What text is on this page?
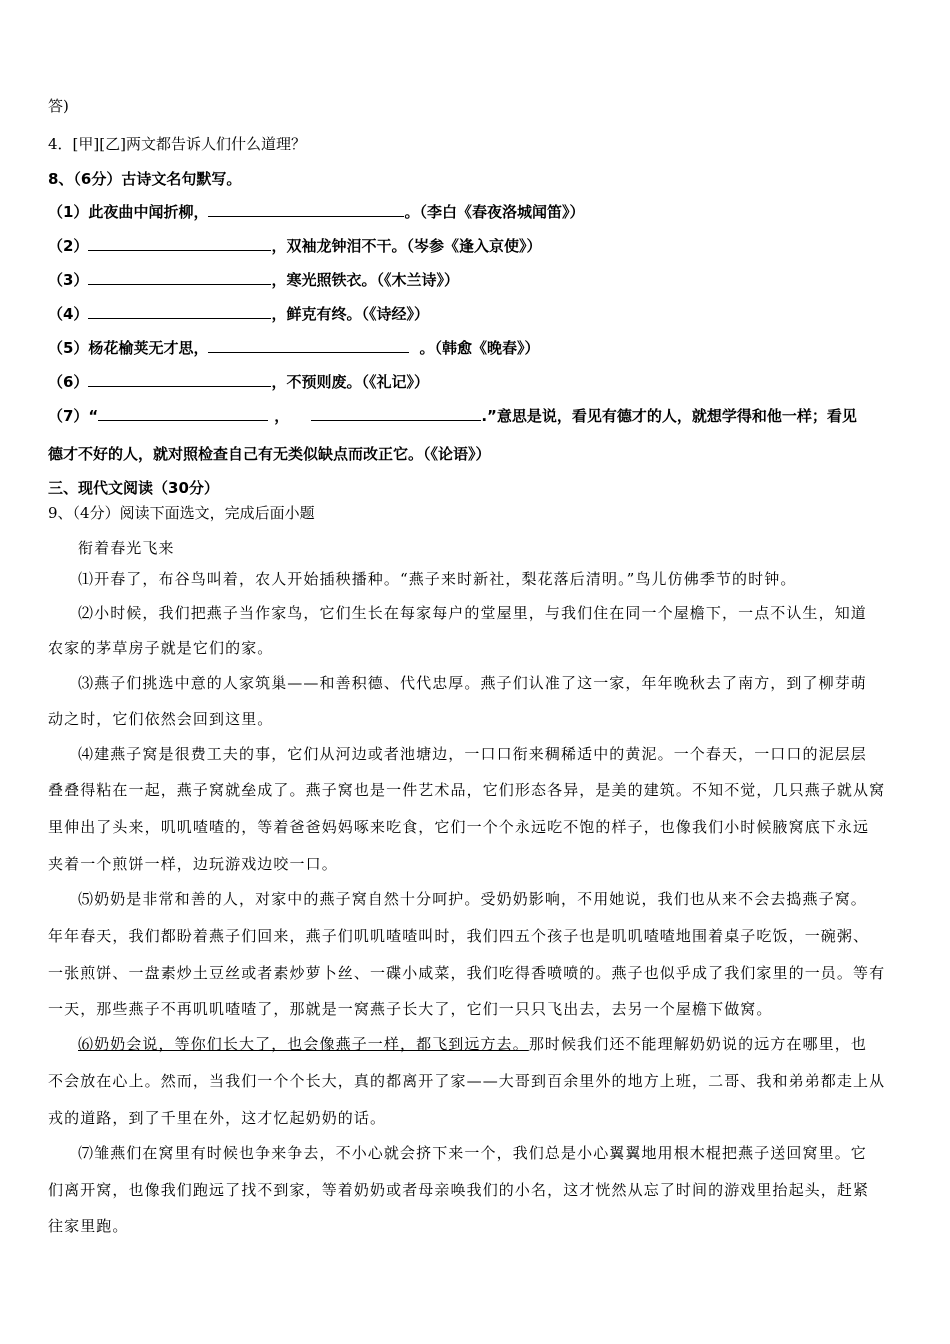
答)
4．[甲][乙]两文都告诉人们什么道理？
8、（6分）古诗文名句默写。
（1）此夜曲中闻折柳，	。（李白《春夜洛城闻笛》）
（2）	，双袖龙钟泪不干。（岑参《逢入京使》）
（3）	，寒光照铁衣。（《木兰诗》）
（4）	，鲜克有终。（《诗经》）
（5）杨花榆荚无才思，	。（韩愈《晚春》）
（6）	，不预则废。（《礼记》）
（7）“	，	.”意思是说，看见有德才的人，就想学得和他一样；看见
德才不好的人，就对照检查自己有无类似缺点而改正它。（《论语》）
三、现代文阅读（30分）
9、（4分）阅读下面选文，完成后面小题
衔着春光飞来
⑴开春了，布谷鸟叫着，农人开始插秧播种。“燕子来时新社，梨花落后清明。”鸟儿仿佛季节的时钟。
⑵小时候，我们把燕子当作家鸟，它们生长在每家每户的堂屋里，与我们住在同一个屋檐下，一点不认生，知道
农家的茅草房子就是它们的家。
⑶燕子们挑选中意的人家筑巢——和善积德、代代忠厚。燕子们认准了这一家，年年晚秋去了南方，到了柳芽萌
动之时，它们依然会回到这里。
⑷建燕子窝是很费工夫的事，它们从河边或者池塘边，一口口衔来稠稀适中的黄泥。一个春天，一口口的泥层层
叠叠得粘在一起，燕子窝就垒成了。燕子窝也是一件艺术品，它们形态各异，是美的建筑。不知不觉，几只燕子就从窝
里伸出了头来，叽叽喳喳的，等着爸爸妈妈啄来吃食，它们一个个永远吃不饱的样子，也像我们小时候腋窝底下永远
夹着一个煎饼一样，边玩游戏边咬一口。
⑸奶奶是非常和善的人，对家中的燕子窝自然十分呵护。受奶奶影响，不用她说，我们也从来不会去捣燕子窝。
年年春天，我们都盼着燕子们回来，燕子们叽叽喳喳叫时，我们四五个孩子也是叽叽喳喳地围着桌子吃饭，一碗粥、
一张煎饼、一盘素炒土豆丝或者素炒萝卜丝、一碟小咸菜，我们吃得香喷喷的。燕子也似乎成了我们家里的一员。等有
一天，那些燕子不再叽叽喳喳了，那就是一窝燕子长大了，它们一只只飞出去，去另一个屋檐下做窝。
⑹奶奶会说，等你们长大了，也会像燕子一样，都飞到远方去。那时候我们还不能理解奶奶说的远方在哪里，也
不会放在心上。然而，当我们一个个长大，真的都离开了家——大哥到百余里外的地方上班，二哥、我和弟弟都走上从
戎的道路，到了千里在外，这才忆起奶奶的话。
⑺雏燕们在窝里有时候也争来争去，不小心就会挤下来一个，我们总是小心翼翼地用根木棍把燕子送回窝里。它
们离开窝，也像我们跑远了找不到家，等着奶奶或者母亲唤我们的小名，这才恍然从忘了时间的游戏里抬起头，赶紧
往家里跑。
